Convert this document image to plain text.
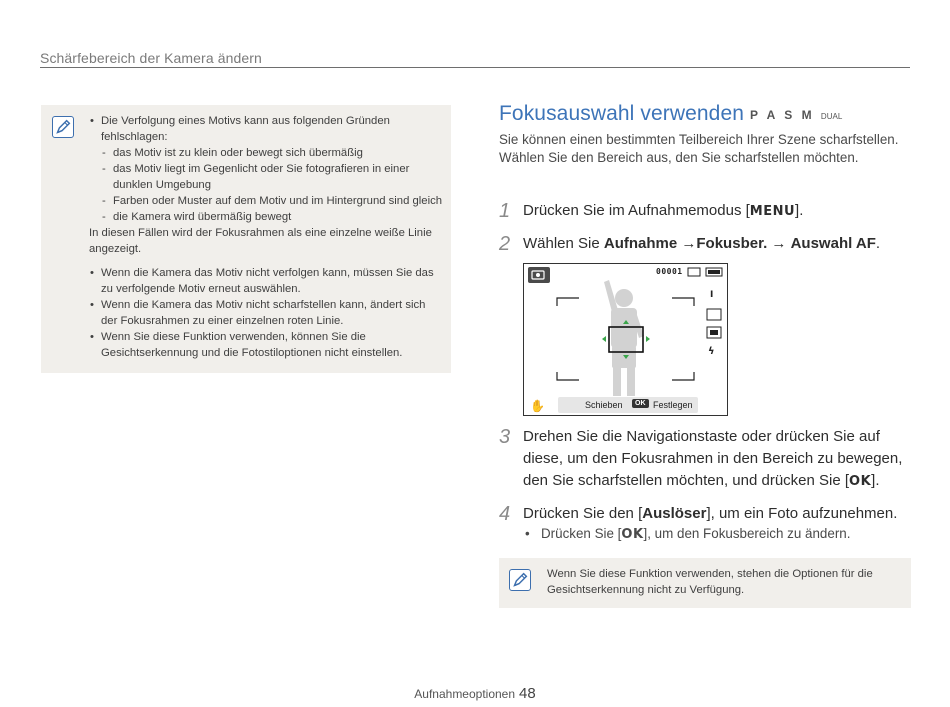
Schärfebereich der Kamera ändern
• Die Verfolgung eines Motivs kann aus folgenden Gründen fehlschlagen:
- das Motiv ist zu klein oder bewegt sich übermäßig
- das Motiv liegt im Gegenlicht oder Sie fotografieren in einer dunklen Umgebung
- Farben oder Muster auf dem Motiv und im Hintergrund sind gleich
- die Kamera wird übermäßig bewegt
In diesen Fällen wird der Fokusrahmen als eine einzelne weiße Linie angezeigt.
• Wenn die Kamera das Motiv nicht verfolgen kann, müssen Sie das zu verfolgende Motiv erneut auswählen.
• Wenn die Kamera das Motiv nicht scharfstellen kann, ändert sich der Fokusrahmen zu einer einzelnen roten Linie.
• Wenn Sie diese Funktion verwenden, können Sie die Gesichtserkennung und die Fotostiloptionen nicht einstellen.
Fokusauswahl verwenden P A S M DUAL
Sie können einen bestimmten Teilbereich Ihrer Szene scharfstellen. Wählen Sie den Bereich aus, den Sie scharfstellen möchten.
1 Drücken Sie im Aufnahmemodus [MENU].
2 Wählen Sie Aufnahme →Fokusber. → Auswahl AF.
I
ϟ
✋
00001
Schieben	OK Festlegen
3 Drehen Sie die Navigationstaste oder drücken Sie auf diese, um den Fokusrahmen in den Bereich zu bewegen, den Sie scharfstellen möchten, und drücken Sie [OK].
4 Drücken Sie den [Auslöser], um ein Foto aufzunehmen.
• Drücken Sie [OK], um den Fokusbereich zu ändern.
Wenn Sie diese Funktion verwenden, stehen die Optionen für die Gesichtserkennung nicht zu Verfügung.
Aufnahmeoptionen 48
